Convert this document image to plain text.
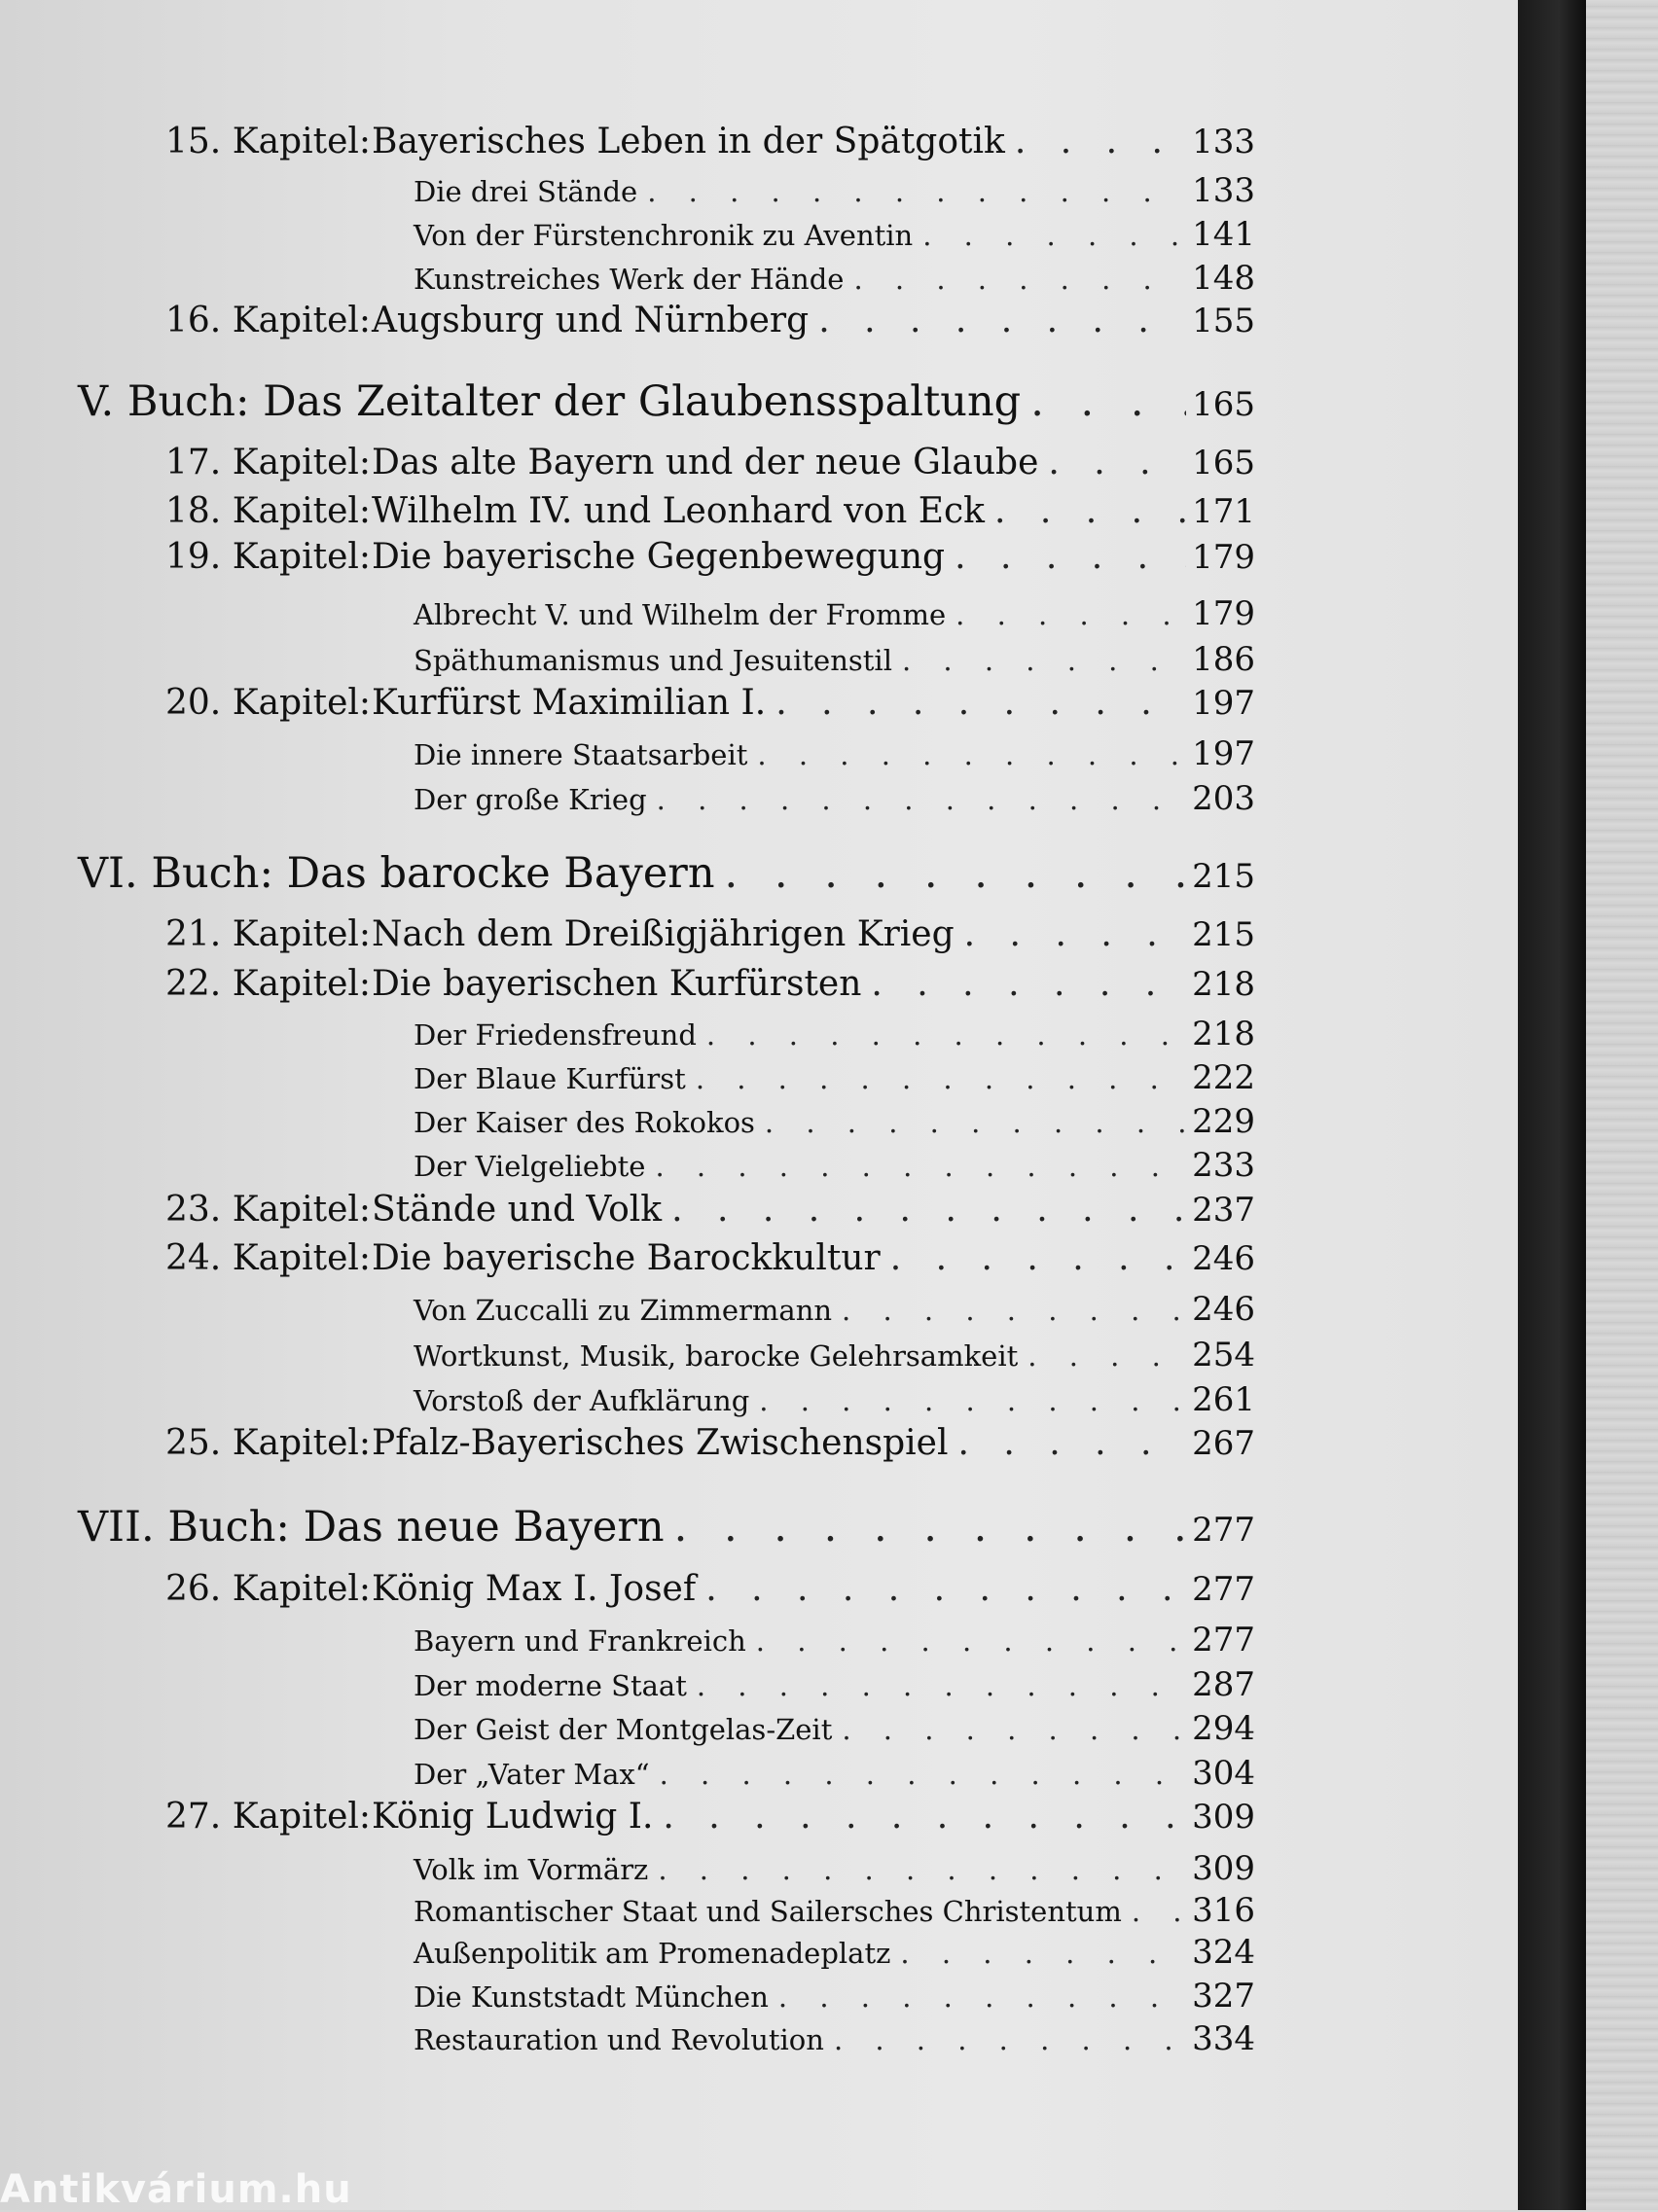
15. Kapitel: Bayerisches Leben in der Spätgotik . . .	133
Die drei Stände . . .	133
Von der Fürstenchronik zu Aventin . . .	141
Kunstreiches Werk der Hände . . .	148
16. Kapitel: Augsburg und Nürnberg . . .	155
V. Buch: Das Zeitalter der Glaubensspaltung . . .	165
17. Kapitel: Das alte Bayern und der neue Glaube . . .	165
18. Kapitel: Wilhelm IV. und Leonhard von Eck . . .	171
19. Kapitel: Die bayerische Gegenbewegung . . .	179
Albrecht V. und Wilhelm der Fromme . . .	179
Späthumanismus und Jesuitenstil . . .	186
20. Kapitel: Kurfürst Maximilian I. . . .	197
Die innere Staatsarbeit . . .	197
Der große Krieg . . .	203
VI. Buch: Das barocke Bayern . . .	215
21. Kapitel: Nach dem Dreißigjährigen Krieg . . .	215
22. Kapitel: Die bayerischen Kurfürsten . . .	218
Der Friedensfreund . . .	218
Der Blaue Kurfürst . . .	222
Der Kaiser des Rokokos . . .	229
Der Vielgeliebte . . .	233
23. Kapitel: Stände und Volk . . .	237
24. Kapitel: Die bayerische Barockkultur . . .	246
Von Zuccalli zu Zimmermann . . .	246
Wortkunst, Musik, barocke Gelehrsamkeit . . .	254
Vorstoß der Aufklärung . . .	261
25. Kapitel: Pfalz-Bayerisches Zwischenspiel . . .	267
VII. Buch: Das neue Bayern . . .	277
26. Kapitel: König Max I. Josef . . .	277
Bayern und Frankreich . . .	277
Der moderne Staat . . .	287
Der Geist der Montgelas-Zeit . . .	294
Der „Vater Max“ . . .	304
27. Kapitel: König Ludwig I. . . .	309
Volk im Vormärz . . .	309
Romantischer Staat und Sailersches Christentum . . . 316
Außenpolitik am Promenadeplatz . . .	324
Die Kunststadt München . . .	327
Restauration und Revolution . . .	334
Antikvárium.hu
